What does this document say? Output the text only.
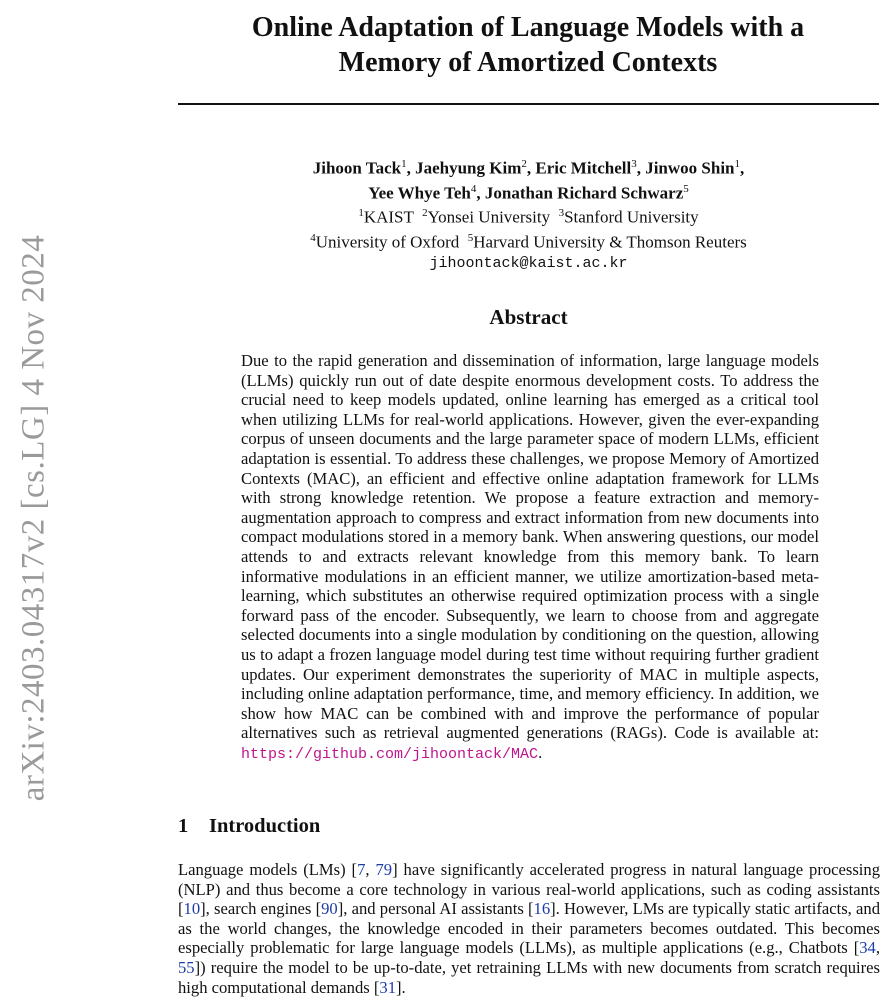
arXiv:2403.04317v2 [cs.LG] 4 Nov 2024
Online Adaptation of Language Models with a
Memory of Amortized Contexts
Jihoon Tack$^1$, Jaehyung Kim$^2$, Eric Mitchell$^3$, Jinwoo Shin$^1$,
Yee Whye Teh$^4$, Jonathan Richard Schwarz$^5$
$^1$KAIST $^2$Yonsei University $^3$Stanford University
$^4$University of Oxford $^5$Harvard University & Thomson Reuters
jihoontack@kaist.ac.kr
Abstract
Due to the rapid generation and dissemination of information, large language models (LLMs) quickly run out of date despite enormous development costs. To address the crucial need to keep models updated, online learning has emerged as a critical tool when utilizing LLMs for real-world applications. However, given the ever-expanding corpus of unseen documents and the large parameter space of modern LLMs, efficient adaptation is essential. To address these challenges, we propose Memory of Amortized Contexts (MAC), an efficient and effective online adaptation framework for LLMs with strong knowledge retention. We propose a feature extraction and memory-augmentation approach to compress and extract information from new documents into compact modulations stored in a memory bank. When answering questions, our model attends to and extracts relevant knowledge from this memory bank. To learn informative modulations in an efficient manner, we utilize amortization-based meta-learning, which substitutes an otherwise required optimization process with a single forward pass of the encoder. Subsequently, we learn to choose from and aggregate selected documents into a single modulation by conditioning on the question, allowing us to adapt a frozen language model during test time without requiring further gradient updates. Our experiment demonstrates the superiority of MAC in multiple aspects, including online adaptation performance, time, and memory efficiency. In addition, we show how MAC can be combined with and improve the performance of popular alternatives such as retrieval augmented generations (RAGs). Code is available at: https://github.com/jihoontack/MAC.
1 Introduction
Language models (LMs) [7, 79] have significantly accelerated progress in natural language processing (NLP) and thus become a core technology in various real-world applications, such as coding assistants [10], search engines [90], and personal AI assistants [16]. However, LMs are typically static artifacts, and as the world changes, the knowledge encoded in their parameters becomes outdated. This becomes especially problematic for large language models (LLMs), as multiple applications (e.g., Chatbots [34, 55]) require the model to be up-to-date, yet retraining LLMs with new documents from scratch requires high computational demands [31].
